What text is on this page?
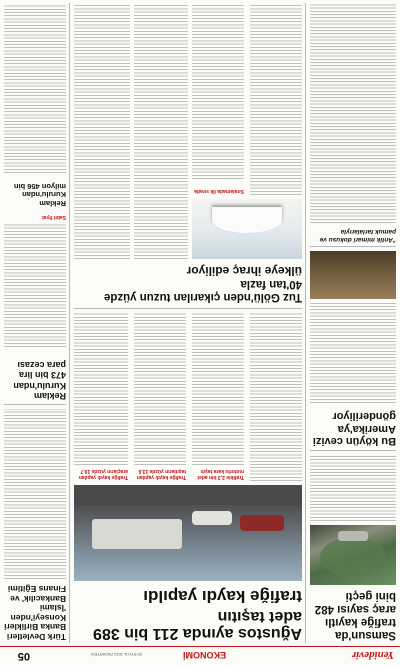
Yenidevir
EKONOMİ
20 EYLÜL 2021 PAZARTESİ
05
Samsun'da trafiğe kayıtlı araç sayısı 482 bini geçti
Bu köyün cevizi Amerika'ya gönderiliyor
"Antik mimari dokusu ve pamuk tarlalarıyla
Ağustos ayında 211 bin 389 adet taşıtın
trafiğe kaydı yapıldı
Trafikte 2,3 bin adet motorlu kara taşıtı
Trafiğe kaydı yapılan taşıtların yüzde 13,6
Trafiğe kaydı yapılan araçların yüzde 19,7
Tuz Gölü'nden çıkarılan tuzun yüzde 40'tan fazla
ülkeye ihraç ediliyor
Sıralamada ilk sırada
Türk Devletleri Banka Birlikleri Konseyi'nden 'İslami Bankacılık' ve Finans Eğitimi
Reklam Kurulu'ndan 473 bin lira para cezası
Sabit fiyat
Reklam Kurulu'ndan milyon 456 bin
